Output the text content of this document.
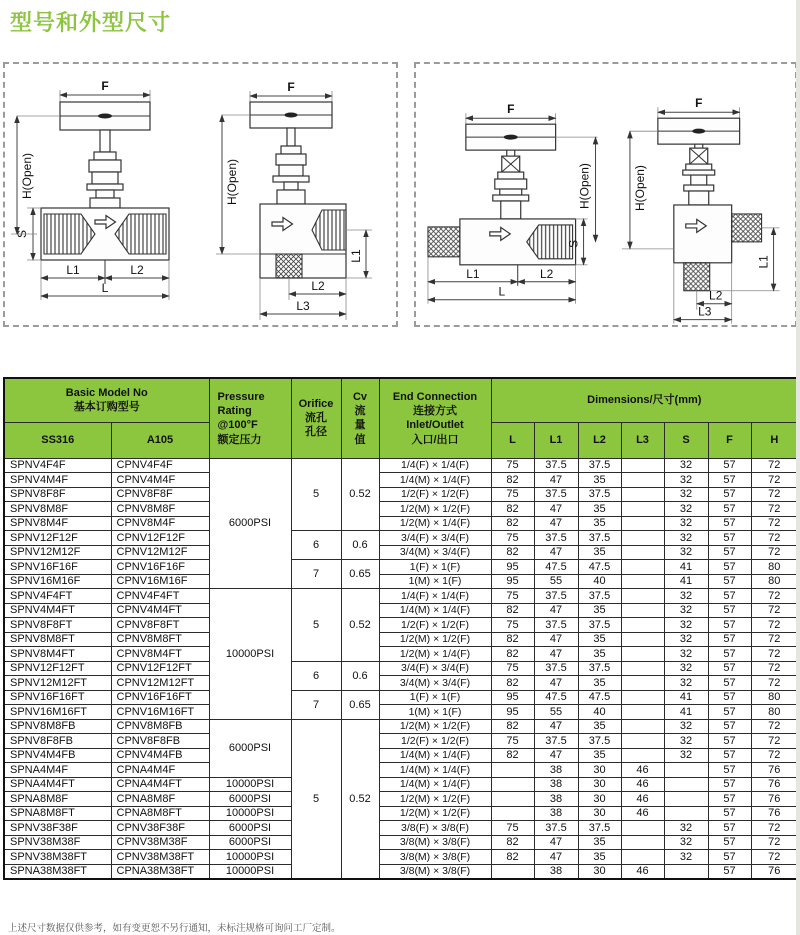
型号和外型尺寸
F
S
H(Open)
L1	L2
L
F
H(Open)
L1
L2
L3
F
H(Open)
S
L1	L2
L
F
H(Open)
L1
L2
L3
Basic Model No
基本订购型号

Pressure
Rating
@100°F
额定压力

Orifice
流孔
孔径

Cv
流
量
值

End Connection
连接方式
Inlet/Outlet
入口/出口
	Dimensions/尺寸(mm)
SS316	A105					L	L1	L2	L3	S	F	H
SPNV4F4F	CPNV4F4F	6000PSI	5	0.52	1/4(F) × 1/4(F)	75	37.5	37.5		32	57	72
SPNV4M4F	CPNV4M4F				1/4(M) × 1/4(F)	82	47	35		32	57	72
SPNV8F8F	CPNV8F8F				1/2(F) × 1/2(F)	75	37.5	37.5		32	57	72
SPNV8M8F	CPNV8M8F				1/2(M) × 1/2(F)	82	47	35		32	57	72
SPNV8M4F	CPNV8M4F				1/2(M) × 1/4(F)	82	47	35		32	57	72
SPNV12F12F	CPNV12F12F		6	0.6	3/4(F) × 3/4(F)	75	37.5	37.5		32	57	72
SPNV12M12F	CPNV12M12F				3/4(M) × 3/4(F)	82	47	35		32	57	72
SPNV16F16F	CPNV16F16F		7	0.65	1(F) × 1(F)	95	47.5	47.5		41	57	80
SPNV16M16F	CPNV16M16F				1(M) × 1(F)	95	55	40		41	57	80
SPNV4F4FT	CPNV4F4FT	10000PSI	5	0.52	1/4(F) × 1/4(F)	75	37.5	37.5		32	57	72
SPNV4M4FT	CPNV4M4FT				1/4(M) × 1/4(F)	82	47	35		32	57	72
SPNV8F8FT	CPNV8F8FT				1/2(F) × 1/2(F)	75	37.5	37.5		32	57	72
SPNV8M8FT	CPNV8M8FT				1/2(M) × 1/2(F)	82	47	35		32	57	72
SPNV8M4FT	CPNV8M4FT				1/2(M) × 1/4(F)	82	47	35		32	57	72
SPNV12F12FT	CPNV12F12FT		6	0.6	3/4(F) × 3/4(F)	75	37.5	37.5		32	57	72
SPNV12M12FT	CPNV12M12FT				3/4(M) × 3/4(F)	82	47	35		32	57	72
SPNV16F16FT	CPNV16F16FT		7	0.65	1(F) × 1(F)	95	47.5	47.5		41	57	80
SPNV16M16FT	CPNV16M16FT				1(M) × 1(F)	95	55	40		41	57	80
SPNV8M8FB	CPNV8M8FB	6000PSI	5	0.52	1/2(M) × 1/2(F)	82	47	35		32	57	72
SPNV8F8FB	CPNV8F8FB				1/2(F) × 1/2(F)	75	37.5	37.5		32	57	72
SPNV4M4FB	CPNV4M4FB				1/4(M) × 1/4(F)	82	47	35		32	57	72
SPNA4M4F	CPNA4M4F				1/4(M) × 1/4(F)		38	30	46		57	76
SPNA4M4FT	CPNA4M4FT	10000PSI			1/4(M) × 1/4(F)		38	30	46		57	76
SPNA8M8F	CPNA8M8F	6000PSI			1/2(M) × 1/2(F)		38	30	46		57	76
SPNA8M8FT	CPNA8M8FT	10000PSI			1/2(M) × 1/2(F)		38	30	46		57	76
SPNV38F38F	CPNV38F38F	6000PSI			3/8(F) × 3/8(F)	75	37.5	37.5		32	57	72
SPNV38M38F	CPNV38M38F	6000PSI			3/8(M) × 3/8(F)	82	47	35		32	57	72
SPNV38M38FT	CPNV38M38FT	10000PSI			3/8(M) × 3/8(F)	82	47	35		32	57	72
SPNA38M38FT	CPNA38M38FT	10000PSI			3/8(M) × 3/8(F)		38	30	46		57	76
上述尺寸数据仅供参考，如有变更恕不另行通知，未标注规格可询问工厂定制。
